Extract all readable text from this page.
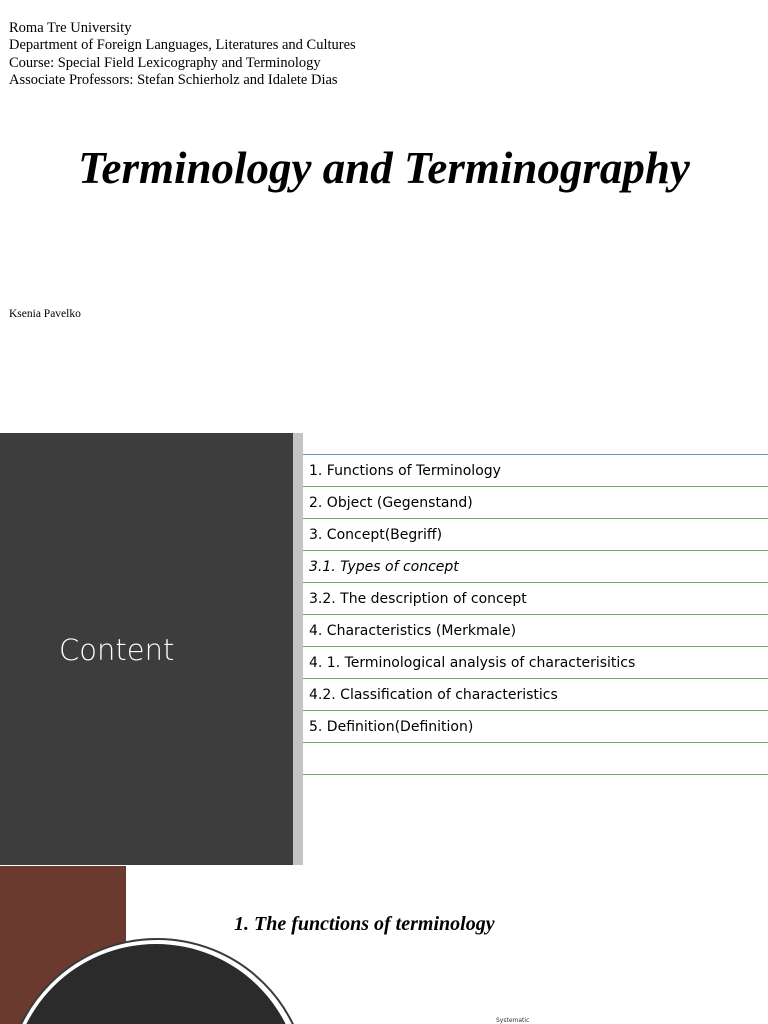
Roma Tre University
Department of Foreign Languages, Literatures and Cultures
Course: Special Field Lexicography and Terminology
Associate Professors: Stefan Schierholz and Idalete Dias
Terminology and Terminography
Ksenia Pavelko
Content
1. Functions of Terminology
2. Object (Gegenstand)
3. Concept(Begriff)
3.1. Types of concept
3.2. The description of concept
4. Characteristics (Merkmale)
4. 1. Terminological analysis of characterisitics
4.2. Classification of characteristics
5. Definition(Definition)
1. The functions of terminology
Systematic
